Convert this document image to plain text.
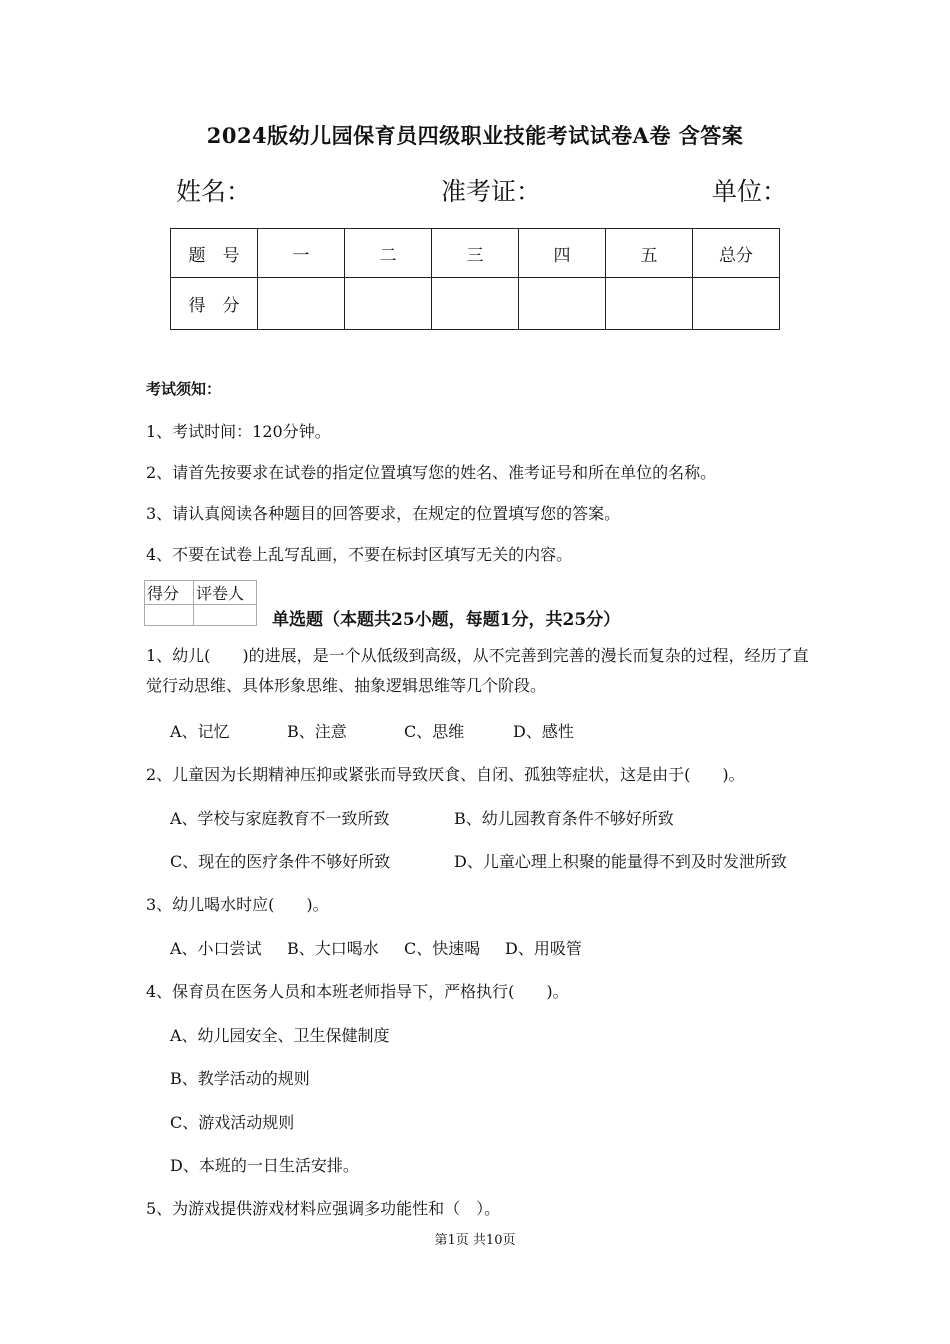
2024版幼儿园保育员四级职业技能考试试卷A卷 含答案
姓名：	准考证：	单位：
题　号	一	二	三	四	五	总分
得　分						
考试须知：
1、考试时间：120分钟。
2、请首先按要求在试卷的指定位置填写您的姓名、准考证号和所在单位的名称。
3、请认真阅读各种题目的回答要求，在规定的位置填写您的答案。
4、不要在试卷上乱写乱画，不要在标封区填写无关的内容。
得分	评卷人

单选题（本题共25小题，每题1分，共25分）
1、幼儿(　　)的进展，是一个从低级到高级，从不完善到完善的漫长而复杂的过程，经历了直觉行动思维、具体形象思维、抽象逻辑思维等几个阶段。
A、记忆	B、注意	C、思维	D、感性
2、儿童因为长期精神压抑或紧张而导致厌食、自闭、孤独等症状，这是由于(　　)。
A、学校与家庭教育不一致所致	B、幼儿园教育条件不够好所致
C、现在的医疗条件不够好所致	D、儿童心理上积聚的能量得不到及时发泄所致
3、幼儿喝水时应(　　)。
A、小口尝试 B、大口喝水 C、快速喝 D、用吸管
4、保育员在医务人员和本班老师指导下，严格执行(　　)。
A、幼儿园安全、卫生保健制度
B、教学活动的规则
C、游戏活动规则
D、本班的一日生活安排。
5、为游戏提供游戏材料应强调多功能性和（　）。
第1页 共10页
